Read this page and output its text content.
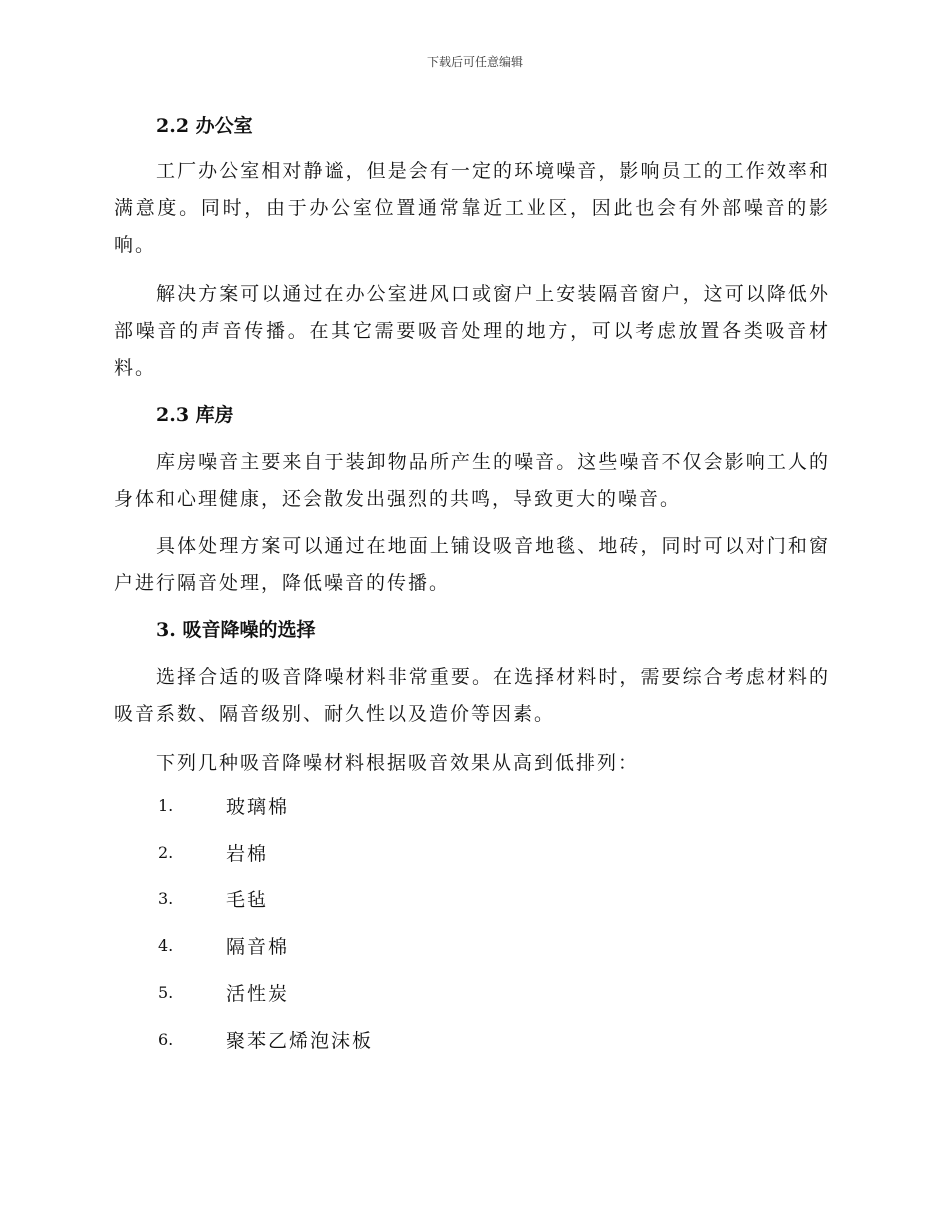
下载后可任意编辑
2.2 办公室

工厂办公室相对静谧，但是会有一定的环境噪音，影响员工的工作效率和满意度。同时，由于办公室位置通常靠近工业区，因此也会有外部噪音的影响。

解决方案可以通过在办公室进风口或窗户上安装隔音窗户，这可以降低外部噪音的声音传播。在其它需要吸音处理的地方，可以考虑放置各类吸音材料。

2.3 库房

库房噪音主要来自于装卸物品所产生的噪音。这些噪音不仅会影响工人的身体和心理健康，还会散发出强烈的共鸣，导致更大的噪音。

具体处理方案可以通过在地面上铺设吸音地毯、地砖，同时可以对门和窗户进行隔音处理，降低噪音的传播。

3. 吸音降噪的选择

选择合适的吸音降噪材料非常重要。在选择材料时，需要综合考虑材料的吸音系数、隔音级别、耐久性以及造价等因素。

下列几种吸音降噪材料根据吸音效果从高到低排列：

1.	玻璃棉
2.	岩棉
3.	毛毡
4.	隔音棉
5.	活性炭
6.	聚苯乙烯泡沫板
